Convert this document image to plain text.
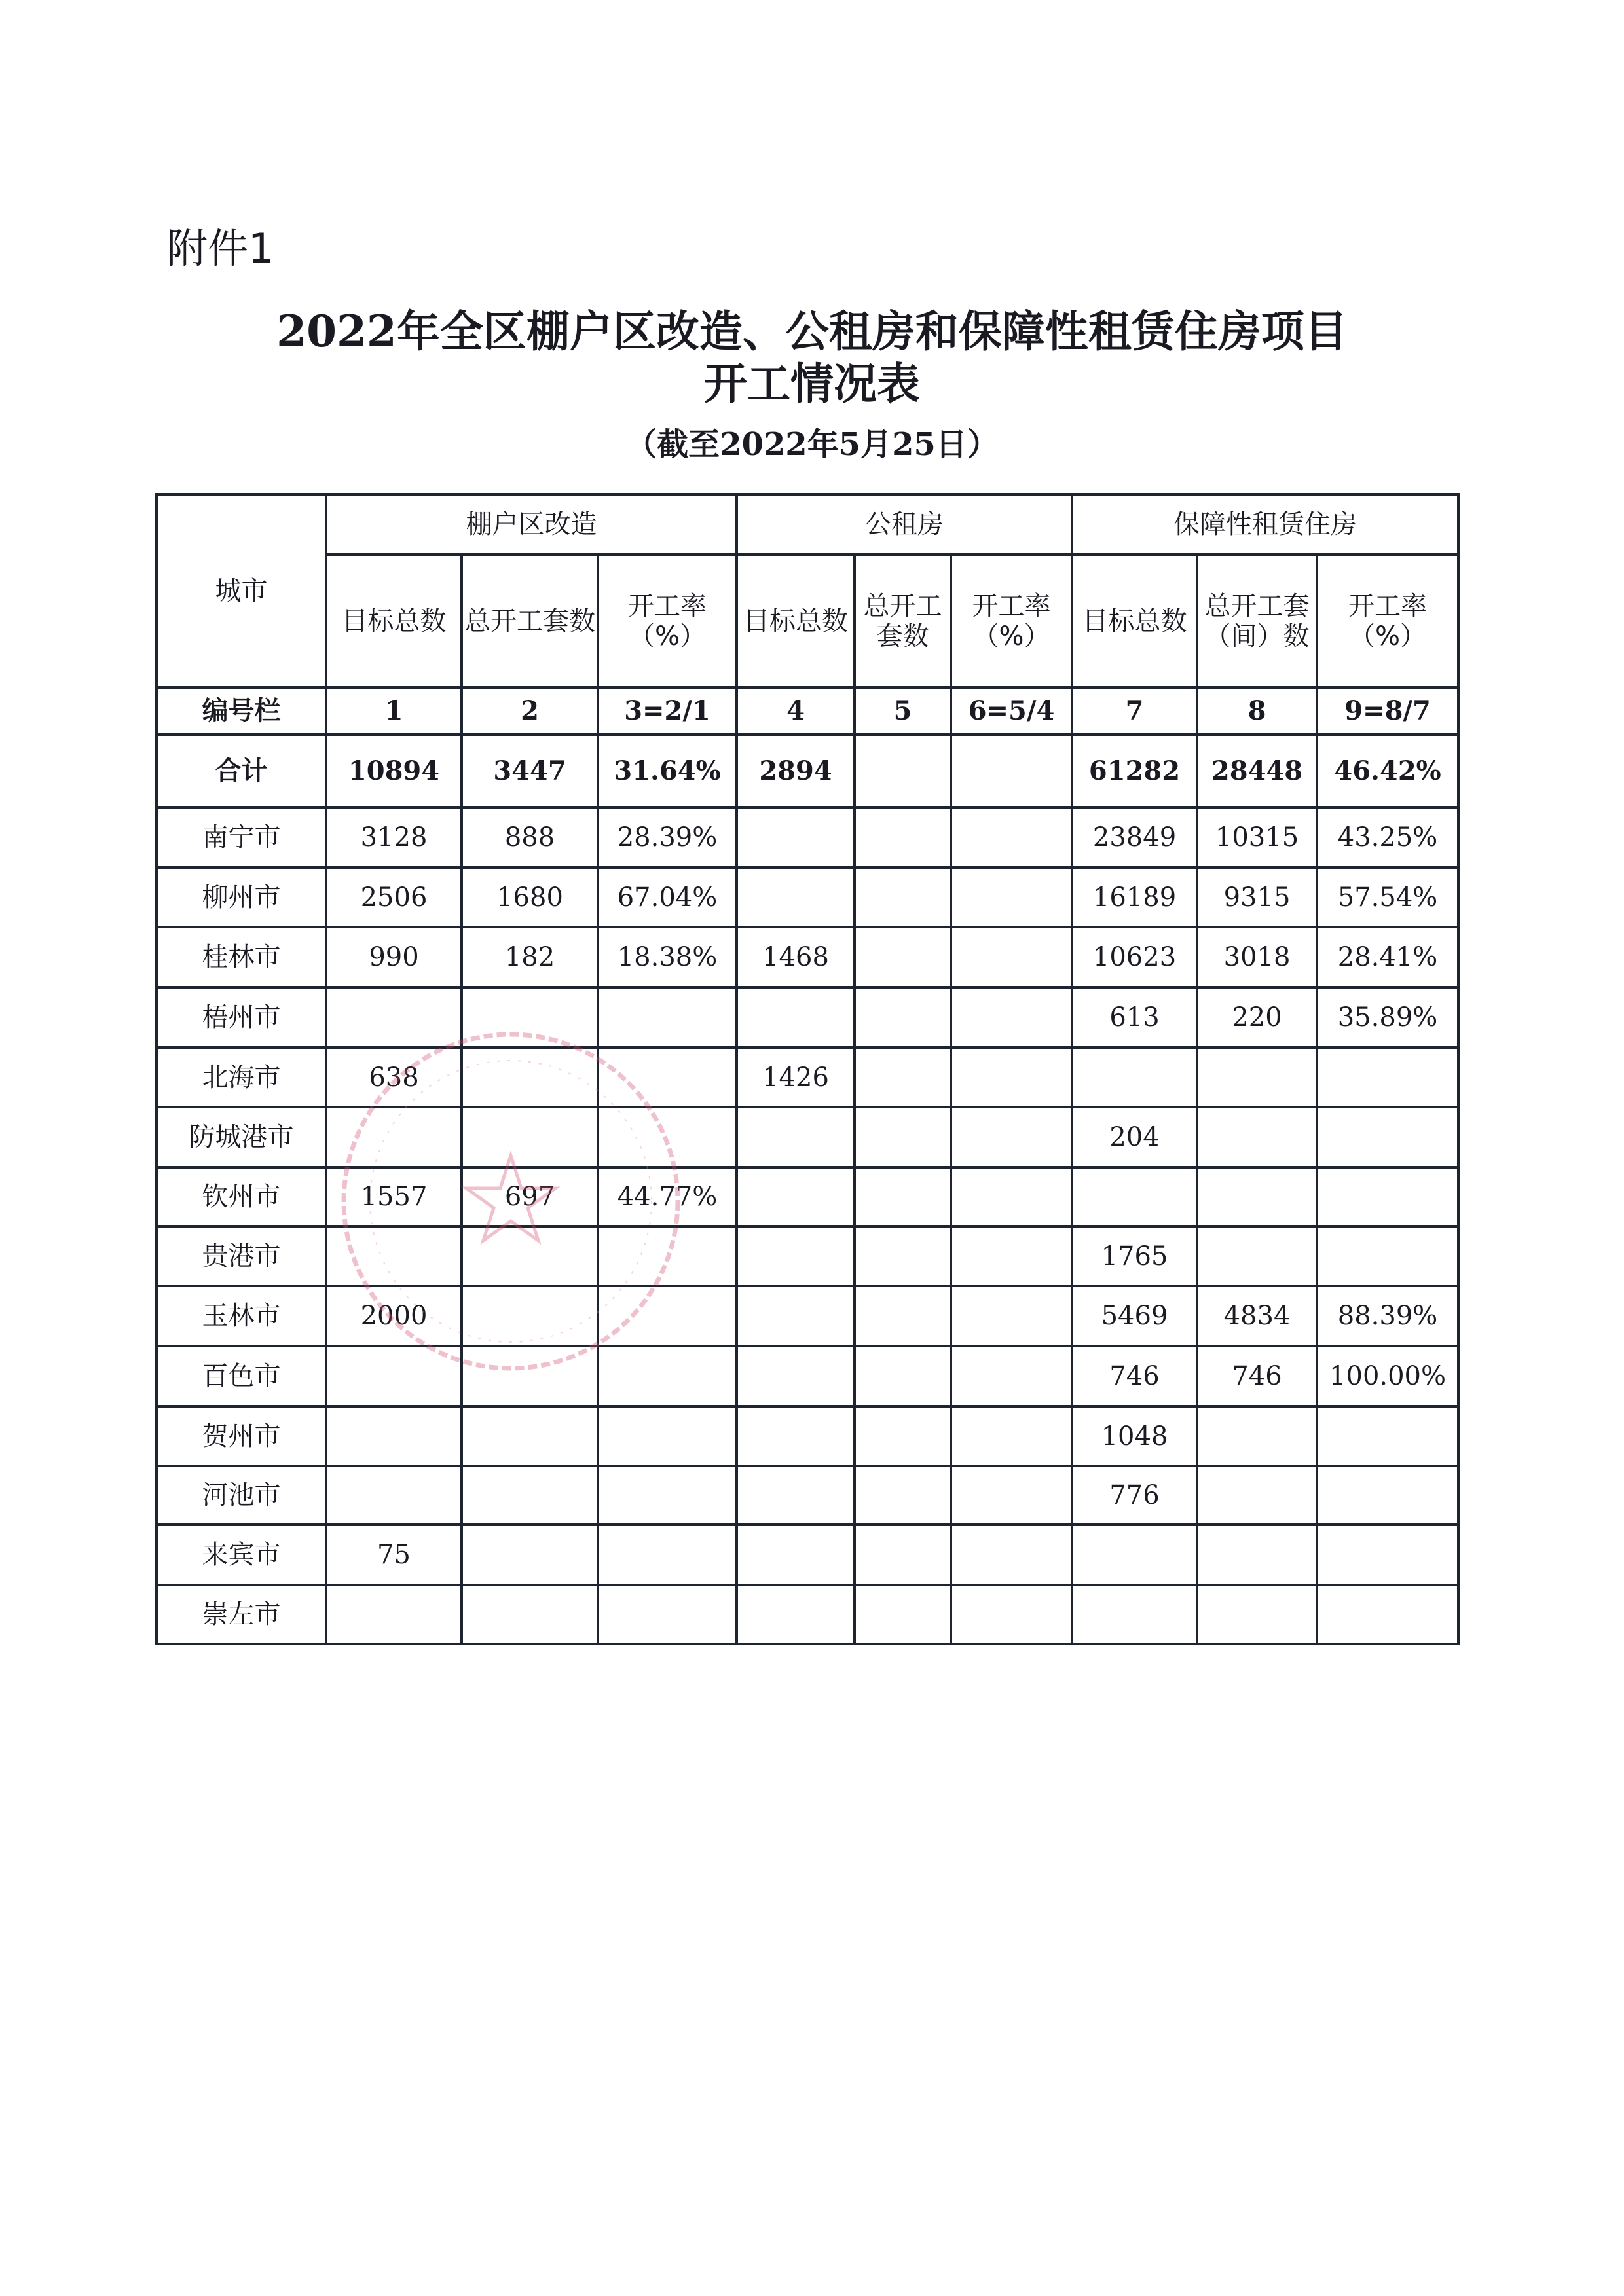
附件1
2022年全区棚户区改造、公租房和保障性租赁住房项目
开工情况表
（截至2022年5月25日）
城市	棚户区改造			公租房			保障性租赁住房		
	目标总数	总开工套数	开工率（%）	目标总数	总开工套数	开工率（%）	目标总数	总开工套（间）数	开工率（%）
编号栏	1	2	3=2/1	4	5	6=5/4	7	8	9=8/7
合计	10894	3447	31.64%	2894			61282	28448	46.42%
南宁市	3128	888	28.39%				23849	10315	43.25%
柳州市	2506	1680	67.04%				16189	9315	57.54%
桂林市	990	182	18.38%	1468			10623	3018	28.41%
梧州市							613	220	35.89%
北海市	638			1426					
防城港市							204		
钦州市	1557	697	44.77%						
贵港市							1765		
玉林市	2000						5469	4834	88.39%
百色市							746	746	100.00%
贺州市							1048		
河池市							776		
来宾市	75								
崇左市									
